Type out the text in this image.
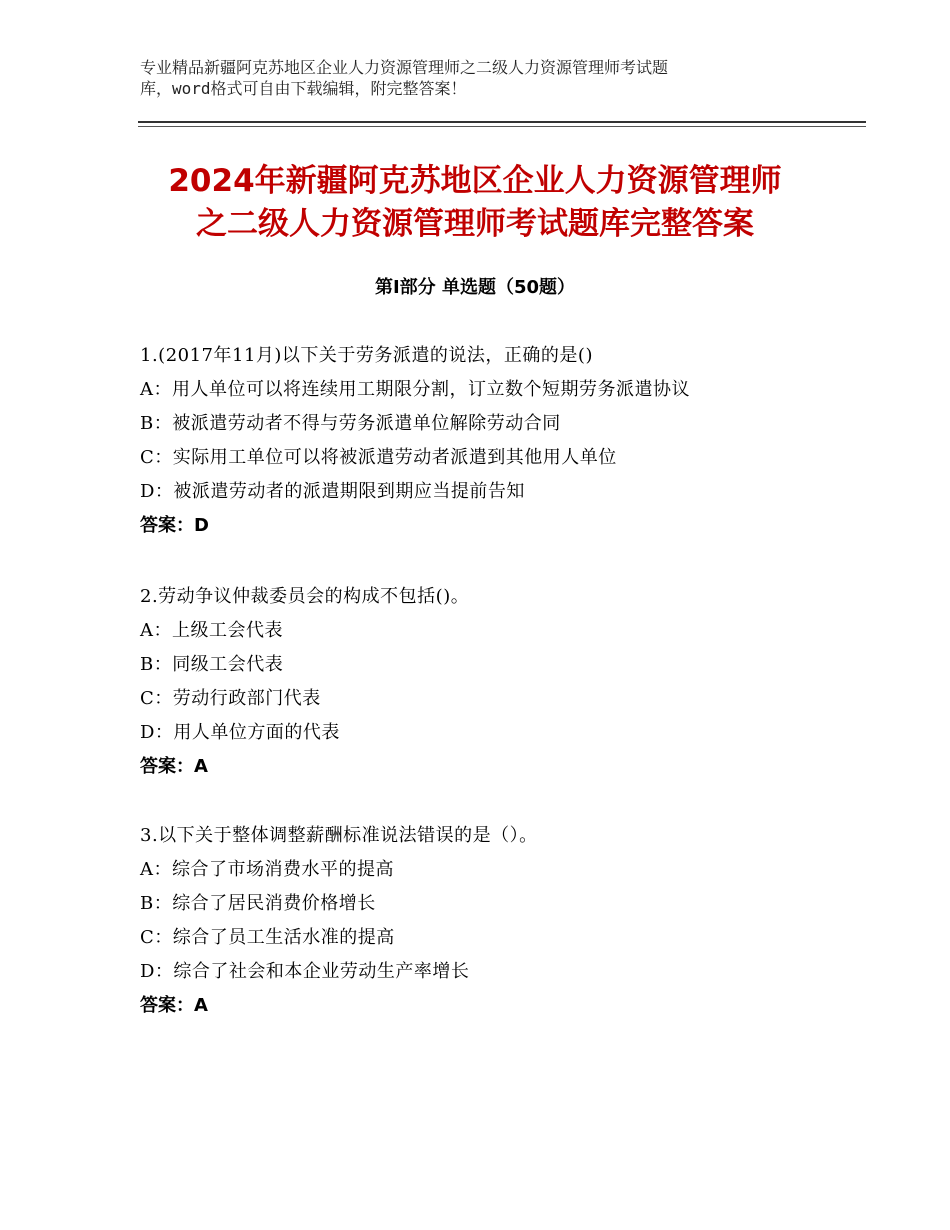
专业精品新疆阿克苏地区企业人力资源管理师之二级人力资源管理师考试题
库，word格式可自由下载编辑，附完整答案！
2024年新疆阿克苏地区企业人力资源管理师
之二级人力资源管理师考试题库完整答案
第Ⅰ部分 单选题（50题）
1.(2017年11月)以下关于劳务派遣的说法，正确的是()
A：用人单位可以将连续用工期限分割，订立数个短期劳务派遣协议
B：被派遣劳动者不得与劳务派遣单位解除劳动合同
C：实际用工单位可以将被派遣劳动者派遣到其他用人单位
D：被派遣劳动者的派遣期限到期应当提前告知
答案：D
2.劳动争议仲裁委员会的构成不包括()。
A：上级工会代表
B：同级工会代表
C：劳动行政部门代表
D：用人单位方面的代表
答案：A
3.以下关于整体调整薪酬标准说法错误的是（）。
A：综合了市场消费水平的提高
B：综合了居民消费价格增长
C：综合了员工生活水准的提高
D：综合了社会和本企业劳动生产率增长
答案：A
